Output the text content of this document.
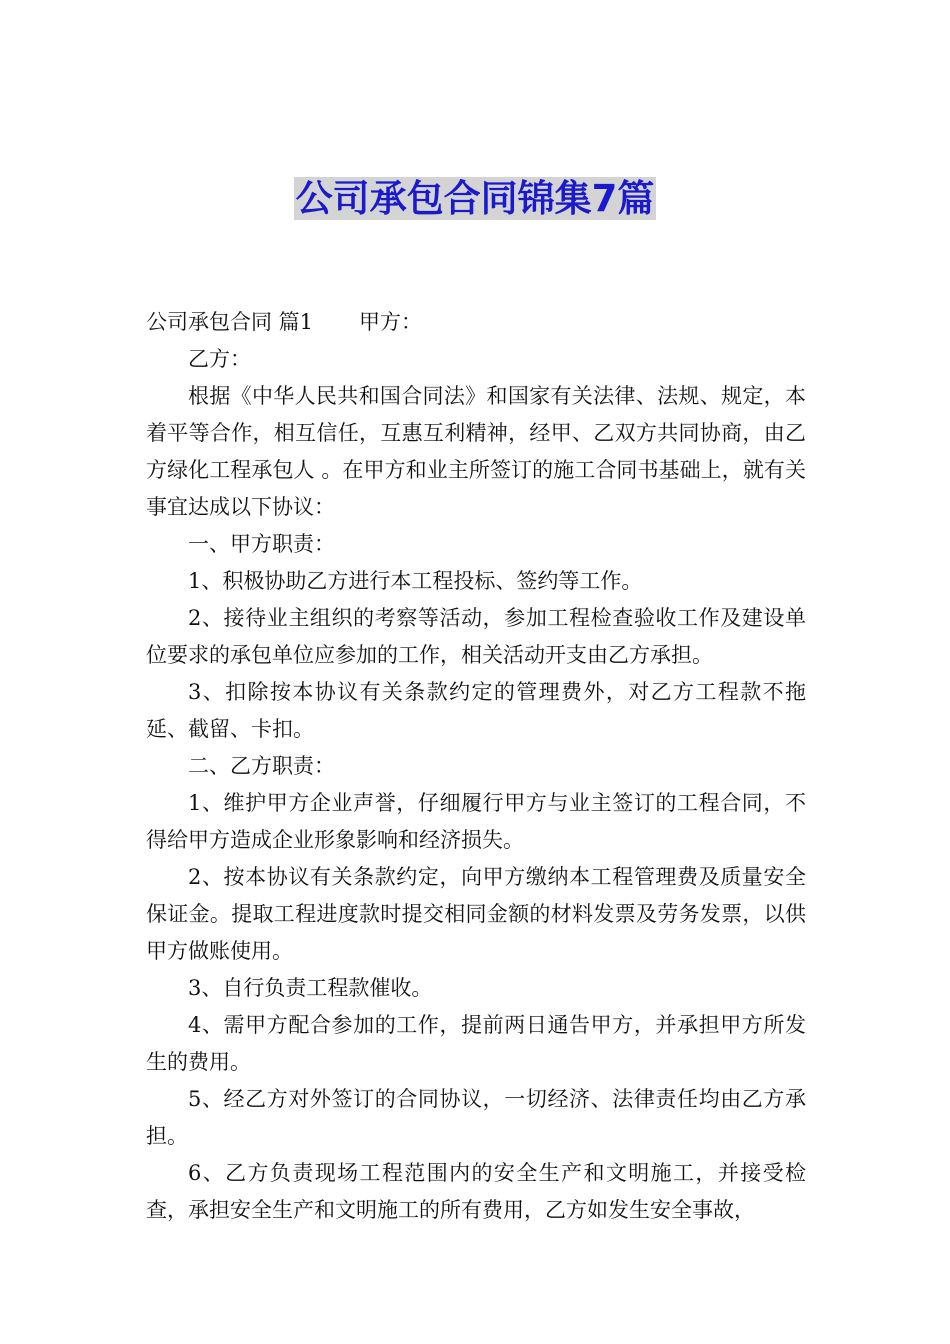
公司承包合同锦集7篇

公司承包合同 篇1 甲方：

乙方：

根据《中华人民共和国合同法》和国家有关法律、法规、规定，本着平等合作，相互信任，互惠互利精神，经甲、乙双方共同协商，由乙方绿化工程承包人 。在甲方和业主所签订的施工合同书基础上，就有关事宜达成以下协议：

一、甲方职责：

1、积极协助乙方进行本工程投标、签约等工作。

2、接待业主组织的考察等活动，参加工程检查验收工作及建设单位要求的承包单位应参加的工作，相关活动开支由乙方承担。

3、扣除按本协议有关条款约定的管理费外，对乙方工程款不拖延、截留、卡扣。

二、乙方职责：

1、维护甲方企业声誉，仔细履行甲方与业主签订的工程合同，不得给甲方造成企业形象影响和经济损失。

2、按本协议有关条款约定，向甲方缴纳本工程管理费及质量安全保证金。提取工程进度款时提交相同金额的材料发票及劳务发票，以供甲方做账使用。

3、自行负责工程款催收。

4、需甲方配合参加的工作，提前两日通告甲方，并承担甲方所发生的费用。

5、经乙方对外签订的合同协议，一切经济、法律责任均由乙方承担。

6、乙方负责现场工程范围内的安全生产和文明施工，并接受检查，承担安全生产和文明施工的所有费用，乙方如发生安全事故，
